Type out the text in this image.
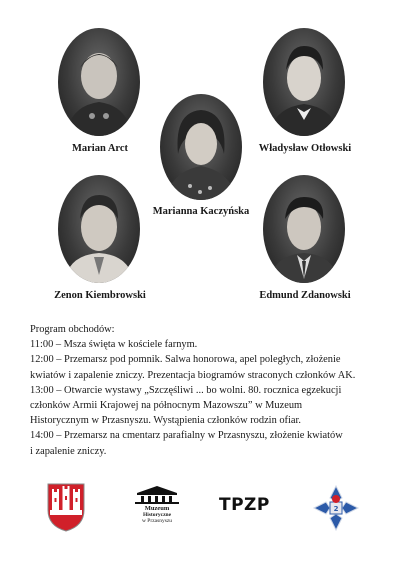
Marian Arct
Marianna Kaczyńska
Władysław Otłowski
Zenon Kiembrowski	Edmund Zdanowski
Program obchodów:
11:00 – Msza święta w kościele farnym.
12:00 – Przemarsz pod pomnik. Salwa honorowa, apel poległych, złożenie
kwiatów i zapalenie zniczy. Prezentacja biogramów straconych członków AK.
13:00 – Otwarcie wystawy „Szczęśliwi ... bo wolni. 80. rocznica egzekucji
członków Armii Krajowej na północnym Mazowszu” w Muzeum
Historycznym w Przasnyszu. Wystąpienia członków rodzin ofiar.
14:00 – Przemarsz na cmentarz parafialny w Przasnyszu, złożenie kwiatów
i zapalenie zniczy.
Muzeum
Historyczne
w Przasnyszu
TPZP	2
